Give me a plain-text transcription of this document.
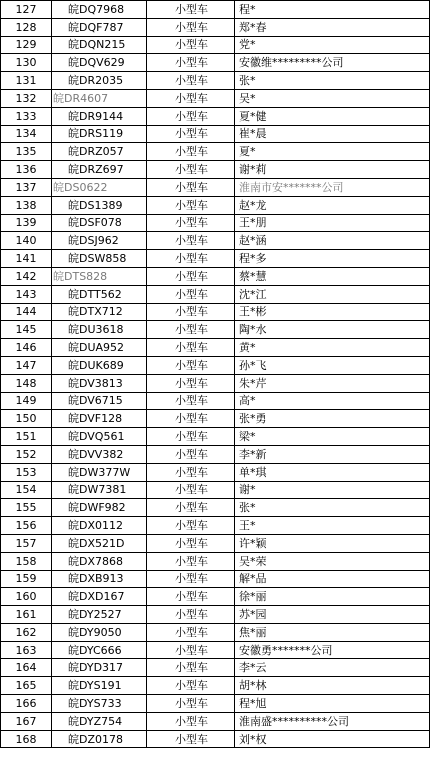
127	皖DQ7968	小型车	程*
128	皖DQF787	小型车	郑*春
129	皖DQN215	小型车	党*
130	皖DQV629	小型车	安徽维*********公司
131	皖DR2035	小型车	张*
132	皖DR4607	小型车	吴*
133	皖DR9144	小型车	夏*健
134	皖DRS119	小型车	崔*晨
135	皖DRZ057	小型车	夏*
136	皖DRZ697	小型车	谢*莉
137	皖DS0622	小型车	淮南市安*******公司
138	皖DS1389	小型车	赵*龙
139	皖DSF078	小型车	王*朋
140	皖DSJ962	小型车	赵*涵
141	皖DSW858	小型车	程*多
142	皖DTS828	小型车	蔡*慧
143	皖DTT562	小型车	沈*江
144	皖DTX712	小型车	王*彬
145	皖DU3618	小型车	陶*水
146	皖DUA952	小型车	黄*
147	皖DUK689	小型车	孙*飞
148	皖DV3813	小型车	朱*芹
149	皖DV6715	小型车	高*
150	皖DVF128	小型车	张*勇
151	皖DVQ561	小型车	梁*
152	皖DVV382	小型车	李*新
153	皖DW377W	小型车	单*琪
154	皖DW7381	小型车	谢*
155	皖DWF982	小型车	张*
156	皖DX0112	小型车	王*
157	皖DX521D	小型车	许*颖
158	皖DX7868	小型车	吴*荣
159	皖DXB913	小型车	解*品
160	皖DXD167	小型车	徐*丽
161	皖DY2527	小型车	苏*园
162	皖DY9050	小型车	焦*丽
163	皖DYC666	小型车	安徽勇*******公司
164	皖DYD317	小型车	李*云
165	皖DYS191	小型车	胡*林
166	皖DYS733	小型车	程*旭
167	皖DYZ754	小型车	淮南盛**********公司
168	皖DZ0178	小型车	刘*权
